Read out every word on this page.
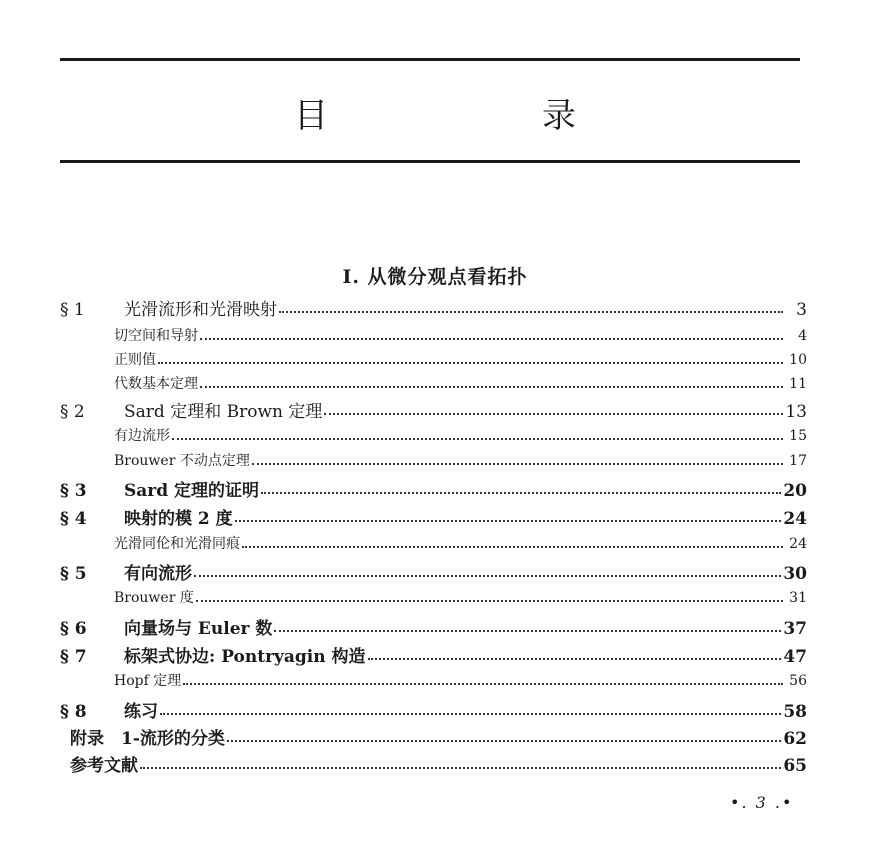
目　录
I. 从微分观点看拓扑
§ 1	光滑流形和光滑映射	3
切空间和导射	4
正则值	10
代数基本定理	11
§ 2	Sard 定理和 Brown 定理	13
有边流形	15
Brouwer 不动点定理	17
§ 3	Sard 定理的证明	20
§ 4	映射的模 2 度	24
光滑同伦和光滑同痕	24
§ 5	有向流形	30
Brouwer 度	31
§ 6	向量场与 Euler 数	37
§ 7	标架式协边: Pontryagin 构造	47
Hopf 定理	56
§ 8	练习	58
附录　1-流形的分类	62
参考文献	65
•. 3 .•
